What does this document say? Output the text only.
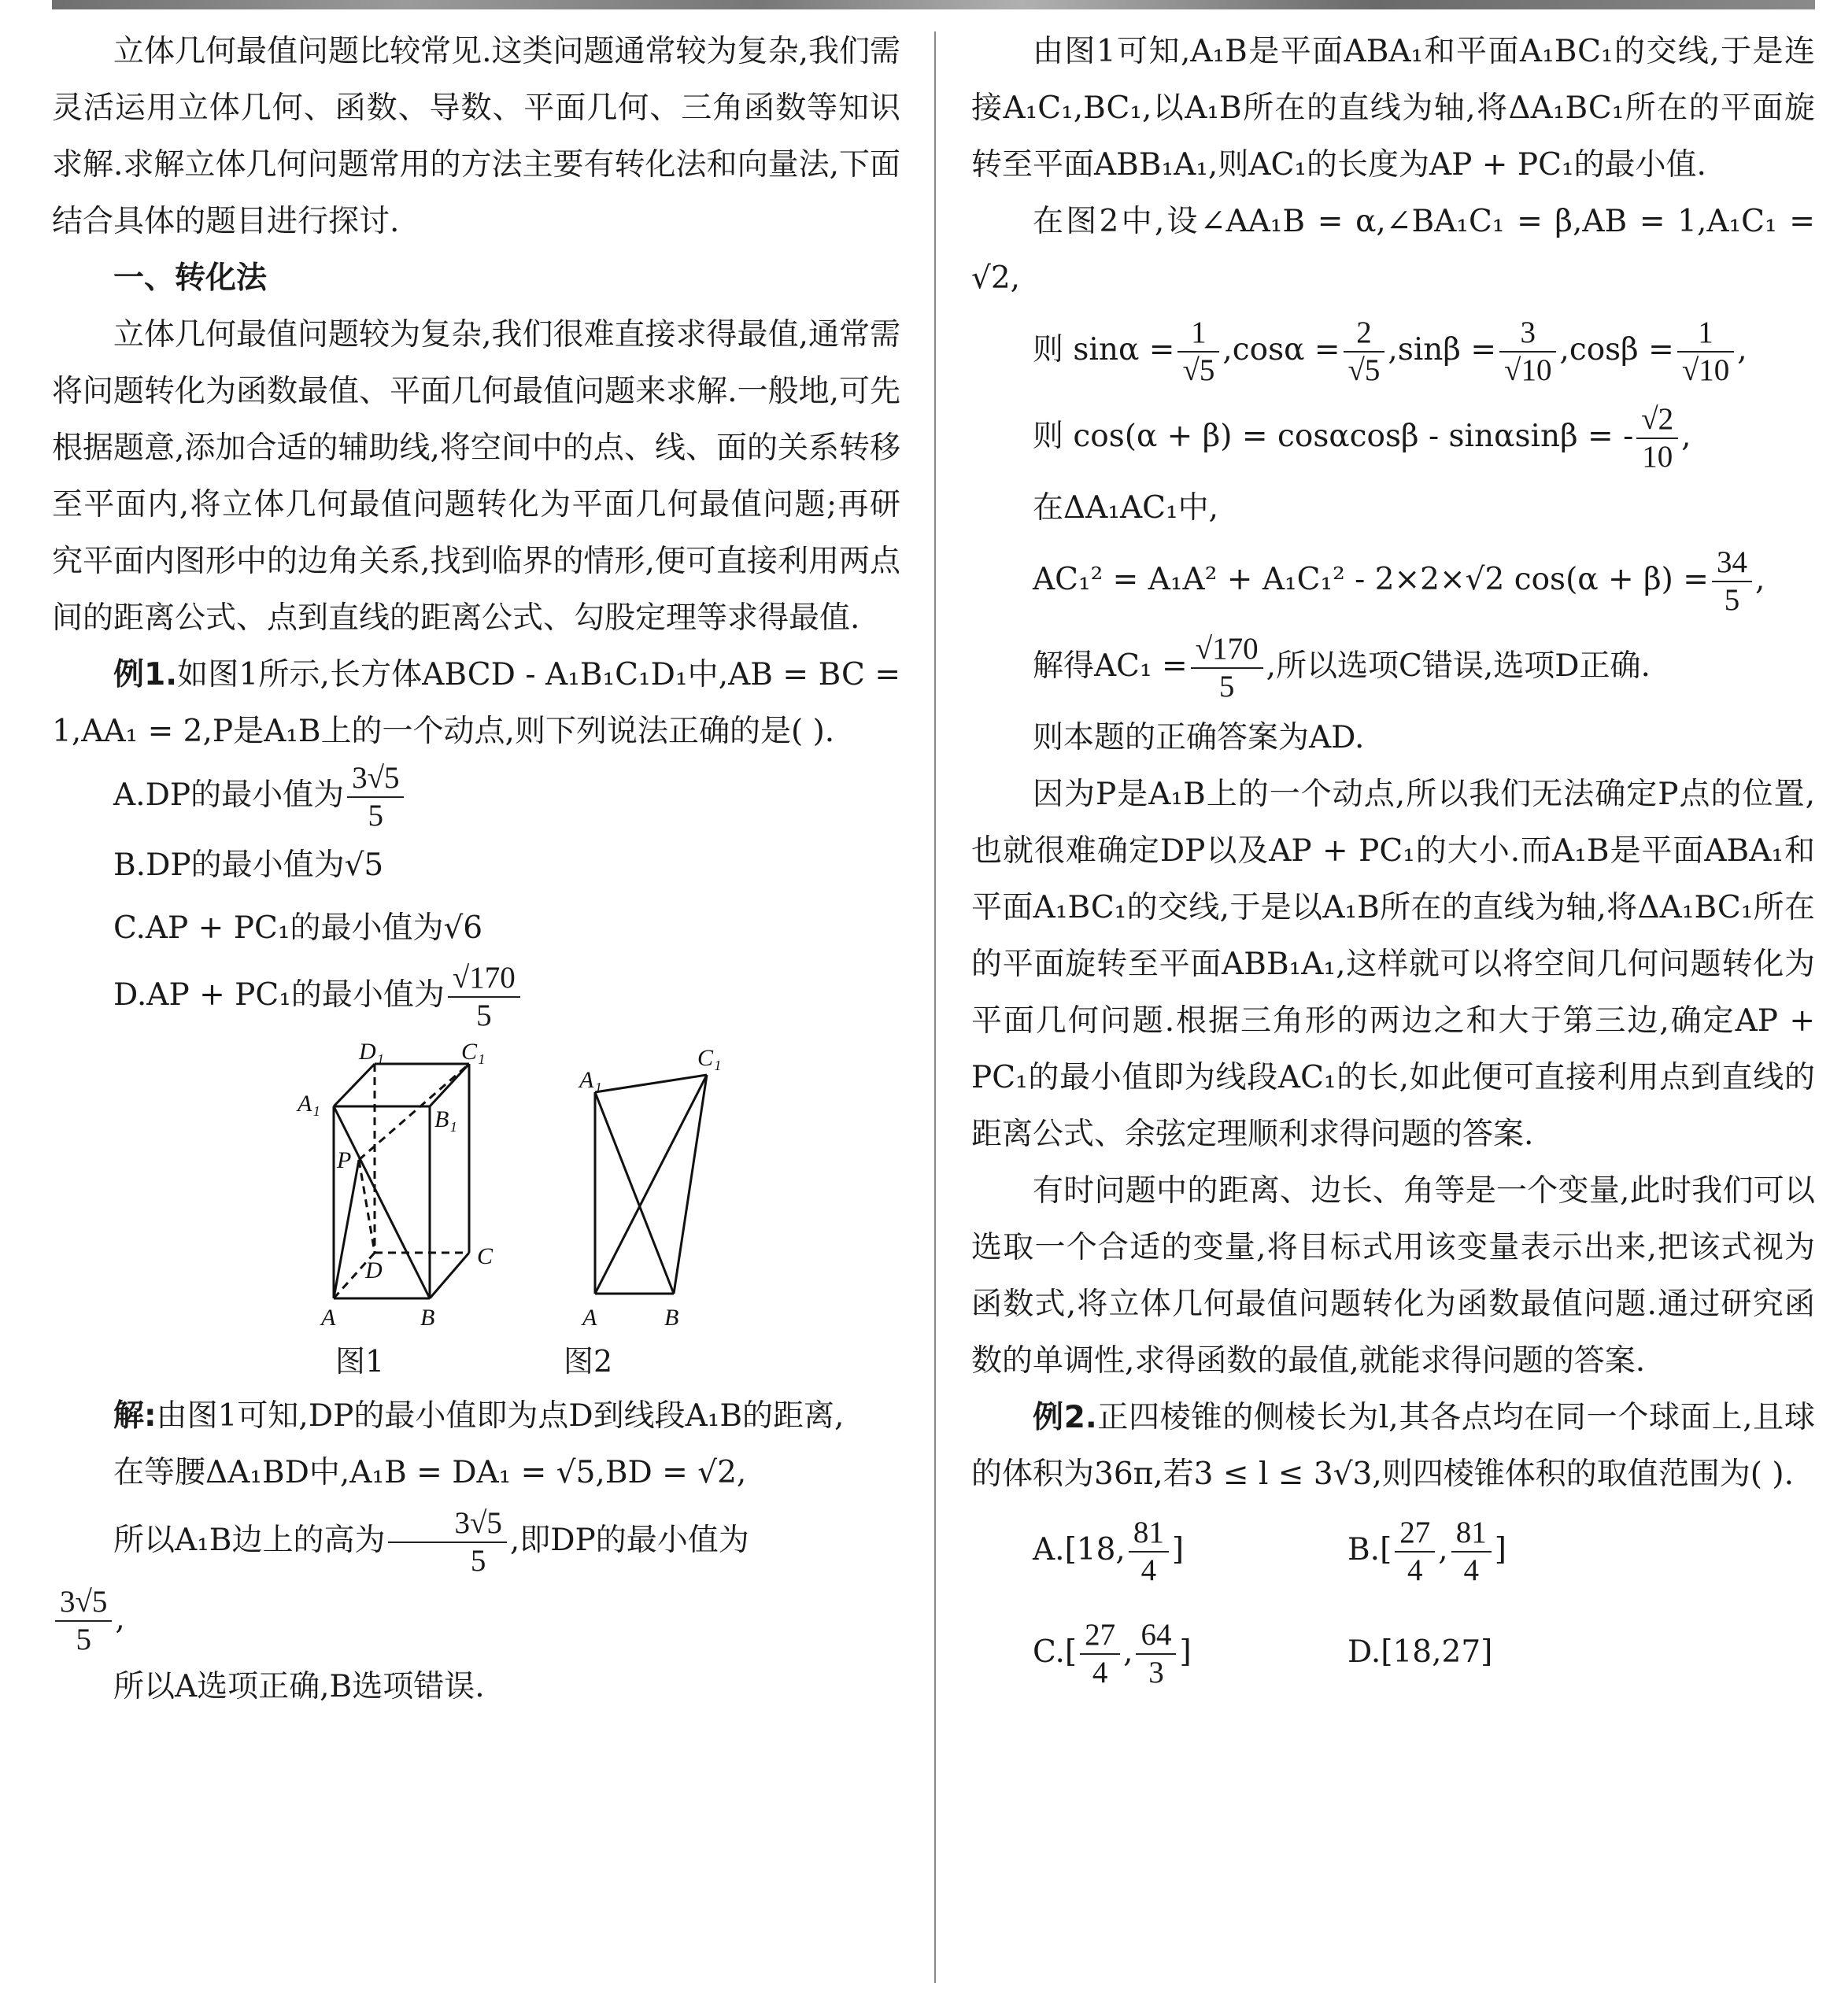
立体几何最值问题比较常见.这类问题通常较为复杂,我们需灵活运用立体几何、函数、导数、平面几何、三角函数等知识求解.求解立体几何问题常用的方法主要有转化法和向量法,下面结合具体的题目进行探讨.

一、转化法

立体几何最值问题较为复杂,我们很难直接求得最值,通常需将问题转化为函数最值、平面几何最值问题来求解.一般地,可先根据题意,添加合适的辅助线,将空间中的点、线、面的关系转移至平面内,将立体几何最值问题转化为平面几何最值问题;再研究平面内图形中的边角关系,找到临界的情形,便可直接利用两点间的距离公式、点到直线的距离公式、勾股定理等求得最值.

例1.如图1所示,长方体ABCD - A₁B₁C₁D₁中,AB = BC = 1,AA₁ = 2,P是A₁B上的一个动点,则下列说法正确的是( ).

A.DP的最小值为 $\frac{3√5}{5}$
B.DP的最小值为√5
C.AP + PC₁的最小值为√6
D.AP + PC₁的最小值为 $\frac{√170}{5}$
D₁	C₁
A₁
B₁
P
D
C
A	B
A₁
C₁
A	B
图1	图2

解:由图1可知,DP的最小值即为点D到线段A₁B的距离,

在等腰ΔA₁BD中,A₁B = DA₁ = √5,BD = √2,

所以A₁B边上的高为 $\frac{3√5}{5}$ ,即DP的最小值为

$\frac{3√5}{5}$ ,

所以A选项正确,B选项错误.

由图1可知,A₁B是平面ABA₁和平面A₁BC₁的交线,于是连接A₁C₁,BC₁,以A₁B所在的直线为轴,将ΔA₁BC₁所在的平面旋转至平面ABB₁A₁,则AC₁的长度为AP + PC₁的最小值.

在图2中,设∠AA₁B = α,∠BA₁C₁ = β,AB = 1,A₁C₁ = √2,

则 $\sin\alpha = \frac{1}{√5} ,\cos\alpha = \frac{2}{√5} ,\sin\beta = \frac{3}{√10} ,\cos\beta = \frac{1}{√10}$ ,

则 cos(α + β) = cosαcosβ - sinαsinβ = - $\frac{√2}{10}$ ,

在ΔA₁AC₁中,

AC₁² = A₁A² + A₁C₁² - 2×2×√2 $\cos(\alpha + \beta) = \frac{34}{5}$ ,

解得$AC_1 = \frac{√170}{5}$ ,所以选项C错误,选项D正确.

则本题的正确答案为AD.

因为P是A₁B上的一个动点,所以我们无法确定P点的位置,也就很难确定DP以及AP + PC₁的大小.而A₁B是平面ABA₁和平面A₁BC₁的交线,于是以A₁B所在的直线为轴,将ΔA₁BC₁所在的平面旋转至平面ABB₁A₁,这样就可以将空间几何问题转化为平面几何问题.根据三角形的两边之和大于第三边,确定AP + PC₁的最小值即为线段AC₁的长,如此便可直接利用点到直线的距离公式、余弦定理顺利求得问题的答案.

有时问题中的距离、边长、角等是一个变量,此时我们可以选取一个合适的变量,将目标式用该变量表示出来,把该式视为函数式,将立体几何最值问题转化为函数最值问题.通过研究函数的单调性,求得函数的最值,就能求得问题的答案.

例2.正四棱锥的侧棱长为l,其各点均在同一个球面上,且球的体积为36π,若3 ≤ l ≤ 3√3,则四棱锥体积的取值范围为( ).

A.[18, $\frac{81}{4}$ ]	$B.[ \frac{27}{4}$ , $\frac{81}{4}$ ]
$C.[ \frac{27}{4}$ , $\frac{64}{3}$ ]	D.[18,27]
